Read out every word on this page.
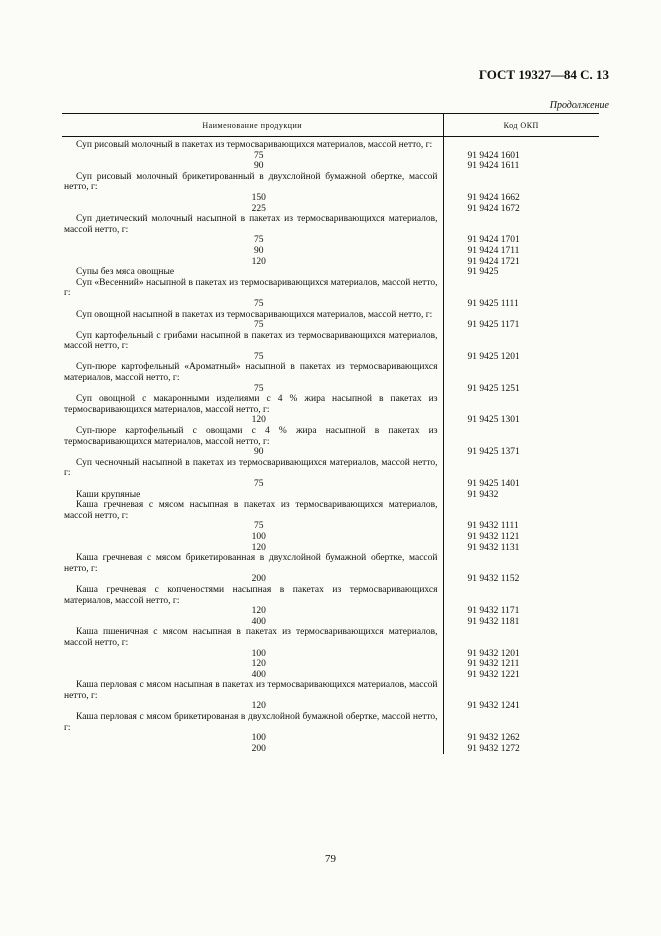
ГОСТ 19327—84 С. 13
Продолжение
Наименование продукции	Код ОКП

Суп рисовый молочный в пакетах из термосваривающихся материалов, массой нетто, г:	

75	91 9424 1601

90	91 9424 1611

Суп рисовый молочный брикетированный в двухслойной бумажной обертке, массой нетто, г:	

150	91 9424 1662

225	91 9424 1672

Суп диетический молочный насыпной в пакетах из термосваривающихся материалов, массой нетто, г:	

75	91 9424 1701

90	91 9424 1711

120	91 9424 1721

Супы без мяса овощные	91 9425

Суп «Весенний» насыпной в пакетах из термосваривающихся материалов, массой нетто, г:	

75	91 9425 1111

Суп овощной насыпной в пакетах из термосваривающихся материалов, массой нетто, г:	

75	91 9425 1171

Суп картофельный с грибами насыпной в пакетах из термосваривающихся материалов, массой нетто, г:	

75	91 9425 1201

Суп-пюре картофельный «Ароматный» насыпной в пакетах из термосваривающихся материалов, массой нетто, г:	

75	91 9425 1251

Суп овощной с макаронными изделиями с 4 % жира насыпной в пакетах из термосваривающихся материалов, массой нетто, г:	

120	91 9425 1301

Суп-пюре картофельный с овощами с 4 % жира насыпной в пакетах из термосваривающихся материалов, массой нетто, г:	

90	91 9425 1371

Суп чесночный насыпной в пакетах из термосваривающихся материалов, массой нетто, г:	

75	91 9425 1401

Каши крупяные	91 9432

Каша гречневая с мясом насыпная в пакетах из термосваривающихся материалов, массой нетто, г:	

75	91 9432 1111

100	91 9432 1121

120	91 9432 1131

Каша гречневая с мясом брикетированная в двухслойной бумажной обертке, массой нетто, г:	

200	91 9432 1152

Каша гречневая с копченостями насыпная в пакетах из термосваривающихся материалов, массой нетто, г:	

120	91 9432 1171

400	91 9432 1181

Каша пшеничная с мясом насыпная в пакетах из термосваривающихся материалов, массой нетто, г:	

100	91 9432 1201

120	91 9432 1211

400	91 9432 1221

Каша перловая с мясом насыпная в пакетах из термосваривающихся материалов, массой нетто, г:	

120	91 9432 1241

Каша перловая с мясом брикетированая в двухслойной бумажной обертке, массой нетто, г:	

100	91 9432 1262

200	91 9432 1272
79
